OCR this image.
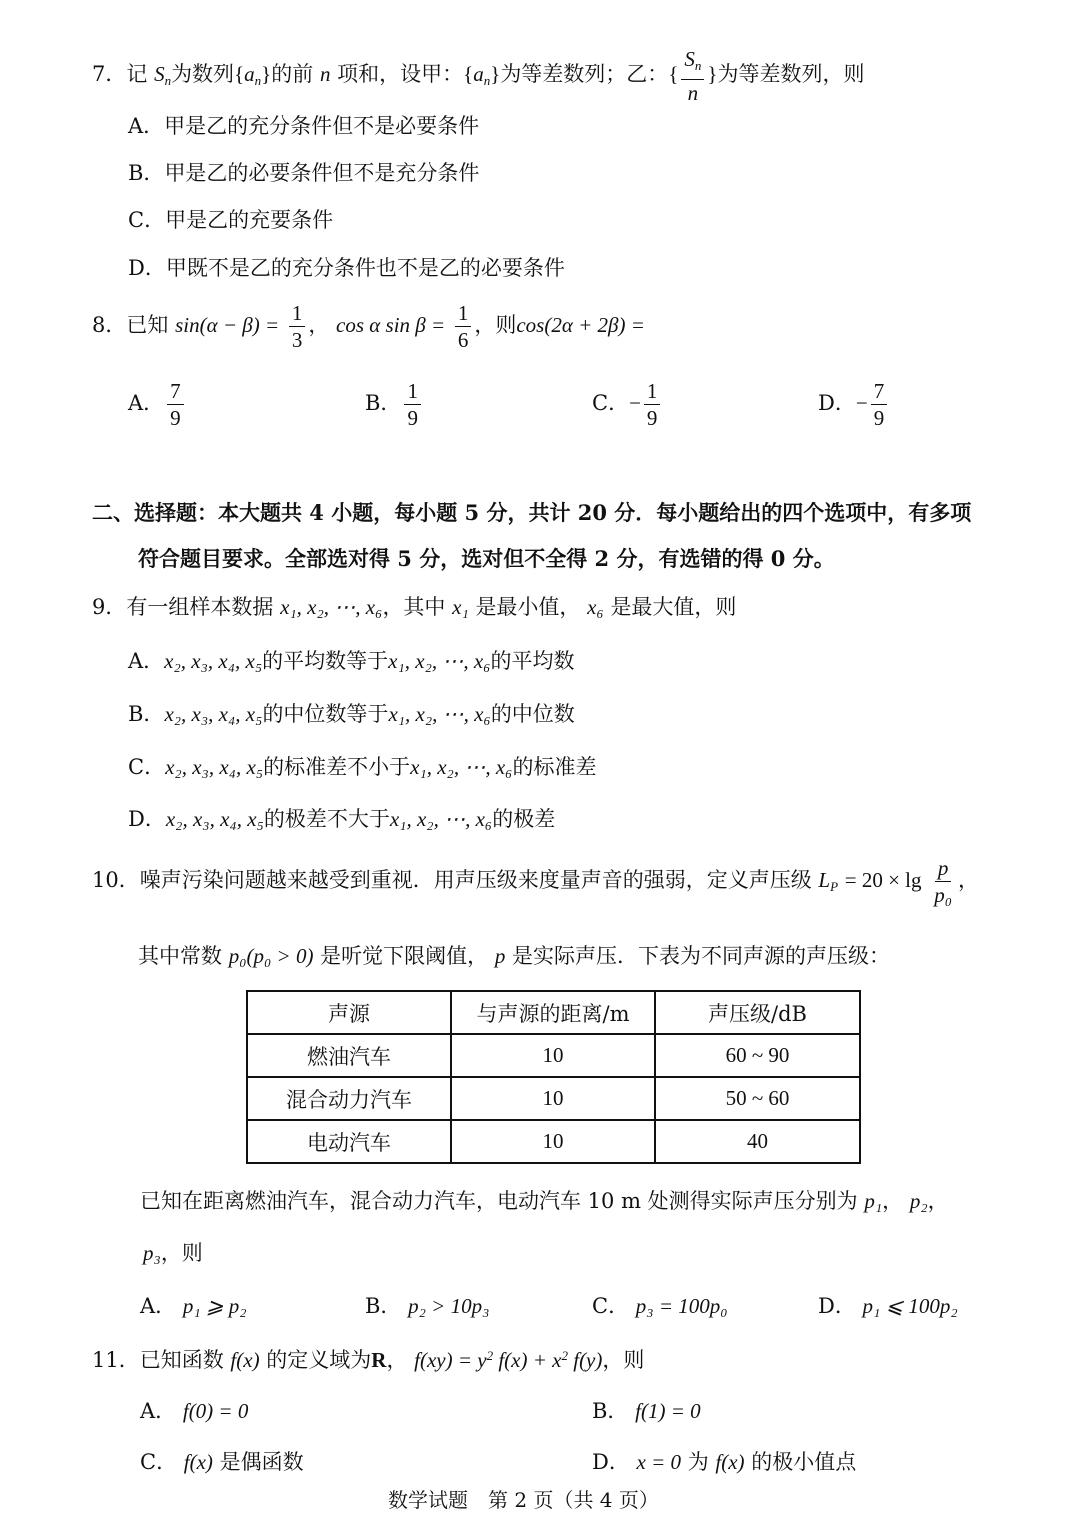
7．记 $S_n$为数列$\{a_n\}$的前 n 项和，设甲：$\{a_n\}$为等差数列；乙：{ $\frac{S_n}{n}$ }为等差数列，则
A．甲是乙的充分条件但不是必要条件
B．甲是乙的必要条件但不是充分条件
C．甲是乙的充要条件
D．甲既不是乙的充分条件也不是乙的必要条件
8．已知 $\sin(\alpha - \beta) = \frac{1}{3}$ ， cos α $\sin \beta = \frac{1}{6}$ ，则cos(2α + 2β) =
A． $\frac{7}{9}$	B． $\frac{1}{9}$	C．− $\frac{1}{9}$	D．− $\frac{7}{9}$
二、选择题：本大题共 4 小题，每小题 5 分，共计 20 分．每小题给出的四个选项中，有多项
符合题目要求。全部选对得 5 分，选对但不全得 2 分，有选错的得 0 分。
9．有一组样本数据 x₁, x₂, ⋯, x₆，其中 x₁ 是最小值， x₆ 是最大值，则
A．x₂, x₃, x₄, x₅的平均数等于x₁, x₂, ⋯, x₆的平均数
B．x₂, x₃, x₄, x₅的中位数等于x₁, x₂, ⋯, x₆的中位数
C．x₂, x₃, x₄, x₅的标准差不小于x₁, x₂, ⋯, x₆的标准差
D．x₂, x₃, x₄, x₅的极差不大于x₁, x₂, ⋯, x₆的极差
10．噪声污染问题越来越受到重视．用声压级来度量声音的强弱，定义声压级 $L_P = 20 \times \lg \frac{p}{\text{p₀}}$ ，
其中常数 p₀(p₀ > 0) 是听觉下限阈值， p 是实际声压．下表为不同声源的声压级：
声源	与声源的距离/m	声压级/dB
燃油汽车	10	60 ~ 90
混合动力汽车	10	50 ~ 60
电动汽车	10	40
已知在距离燃油汽车，混合动力汽车，电动汽车 10 m 处测得实际声压分别为 p₁， p₂，
p₃，则
A． p₁ ⩾ p₂	B． p₂ > 10p₃	C． p₃ = 100p₀	D． p₁ ⩽ 100p₂
11．已知函数 f(x) 的定义域为R， $f(xy) = y^2$ $f(x) + x^2$ f(y)，则
A． f(0) = 0	B． f(1) = 0
C． f(x) 是偶函数	D． x = 0 为 f(x) 的极小值点
数学试题　第 2 页（共 4 页）
